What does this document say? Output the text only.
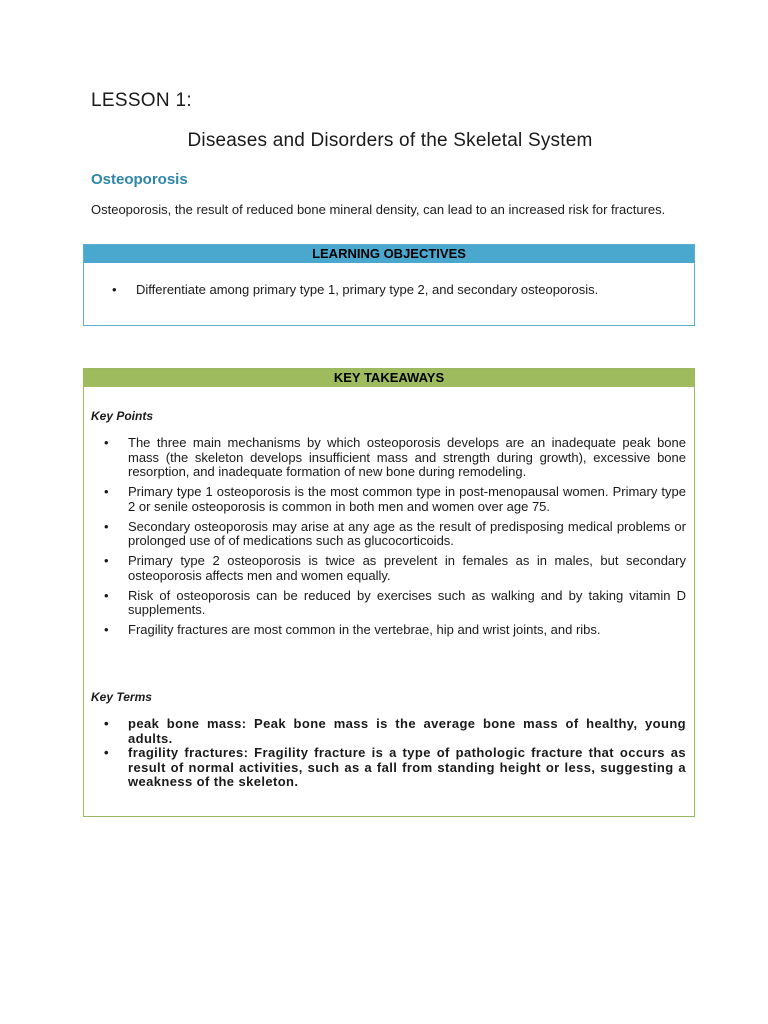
LESSON 1:
Diseases and Disorders of the Skeletal System
Osteoporosis

Osteoporosis, the result of reduced bone mineral density, can lead to an increased risk for fractures.

LEARNING OBJECTIVES
• Differentiate among primary type 1, primary type 2, and secondary osteoporosis.
KEY TAKEAWAYS

Key Points

• The three main mechanisms by which osteoporosis develops are an inadequate peak bone mass (the skeleton develops insufficient mass and strength during growth), excessive bone resorption, and inadequate formation of new bone during remodeling.
• Primary type 1 osteoporosis is the most common type in post-menopausal women. Primary type 2 or senile osteoporosis is common in both men and women over age 75.
• Secondary osteoporosis may arise at any age as the result of predisposing medical problems or prolonged use of of medications such as glucocorticoids.
• Primary type 2 osteoporosis is twice as prevelent in females as in males, but secondary osteoporosis affects men and women equally.
• Risk of osteoporosis can be reduced by exercises such as walking and by taking vitamin D supplements.
• Fragility fractures are most common in the vertebrae, hip and wrist joints, and ribs.

Key Terms

• peak bone mass: Peak bone mass is the average bone mass of healthy, young adults.
• fragility fractures: Fragility fracture is a type of pathologic fracture that occurs as result of normal activities, such as a fall from standing height or less, suggesting a weakness of the skeleton.
